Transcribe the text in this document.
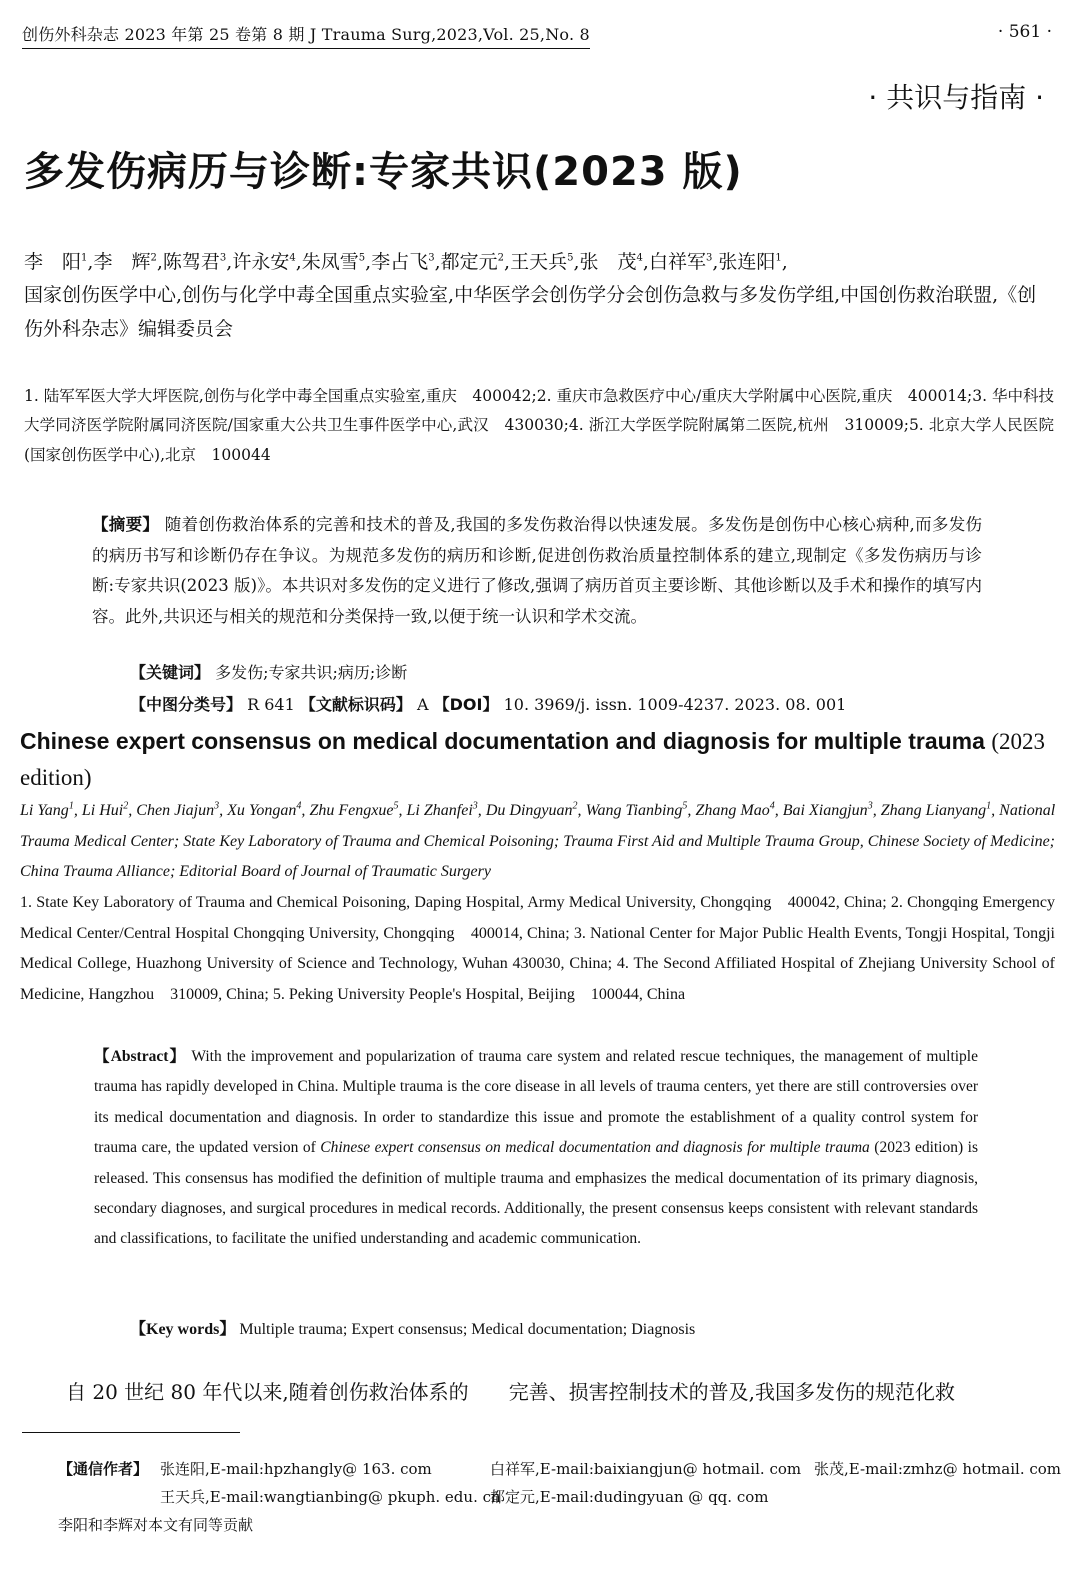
创伤外科杂志 2023 年第 25 卷第 8 期 J Trauma Surg,2023,Vol. 25,No. 8	· 561 ·
· 共识与指南 ·
多发伤病历与诊断:专家共识(2023 版)
李　阳$^1$,李　辉$^2$,陈驾君$^3$,许永安$^4$,朱凤雪$^5$,李占飞$^3$,都定元$^2$,王天兵$^5$,张　茂$^4$,白祥军$^3$,张连阳$^1$,
国家创伤医学中心,创伤与化学中毒全国重点实验室,中华医学会创伤学分会创伤急救与多发伤学组,中国创伤救治联盟,《创伤外科杂志》编辑委员会
1. 陆军军医大学大坪医院,创伤与化学中毒全国重点实验室,重庆　400042;2. 重庆市急救医疗中心/重庆大学附属中心医院,重庆　400014;3. 华中科技大学同济医学院附属同济医院/国家重大公共卫生事件医学中心,武汉　430030;4. 浙江大学医学院附属第二医院,杭州　310009;5. 北京大学人民医院(国家创伤医学中心),北京　100044
【摘要】 随着创伤救治体系的完善和技术的普及,我国的多发伤救治得以快速发展。多发伤是创伤中心核心病种,而多发伤的病历书写和诊断仍存在争议。为规范多发伤的病历和诊断,促进创伤救治质量控制体系的建立,现制定《多发伤病历与诊断:专家共识(2023 版)》。本共识对多发伤的定义进行了修改,强调了病历首页主要诊断、其他诊断以及手术和操作的填写内容。此外,共识还与相关的规范和分类保持一致,以便于统一认识和学术交流。
【关键词】 多发伤;专家共识;病历;诊断
【中图分类号】 R 641 【文献标识码】 A 【DOI】 10. 3969/j. issn. 1009-4237. 2023. 08. 001
Chinese expert consensus on medical documentation and diagnosis for multiple trauma (2023 edition)
Li Yang$^1$, Li Hui$^2$, Chen Jiajun$^3$, Xu Yongan$^4$, Zhu Fengxue$^5$, Li Zhanfei$^3$, Du Dingyuan$^2$, Wang Tianbing$^5$, Zhang Mao$^4$, Bai Xiangjun$^3$, Zhang Lianyang$^1$, National Trauma Medical Center; State Key Laboratory of Trauma and Chemical Poisoning; Trauma First Aid and Multiple Trauma Group, Chinese Society of Medicine; China Trauma Alliance; Editorial Board of Journal of Traumatic Surgery
1. State Key Laboratory of Trauma and Chemical Poisoning, Daping Hospital, Army Medical University, Chongqing　400042, China; 2. Chongqing Emergency Medical Center/Central Hospital Chongqing University, Chongqing　400014, China; 3. National Center for Major Public Health Events, Tongji Hospital, Tongji Medical College, Huazhong University of Science and Technology, Wuhan 430030, China; 4. The Second Affiliated Hospital of Zhejiang University School of Medicine, Hangzhou　310009, China; 5. Peking University People's Hospital, Beijing　100044, China
【Abstract】 With the improvement and popularization of trauma care system and related rescue techniques, the management of multiple trauma has rapidly developed in China. Multiple trauma is the core disease in all levels of trauma centers, yet there are still controversies over its medical documentation and diagnosis. In order to standardize this issue and promote the establishment of a quality control system for trauma care, the updated version of Chinese expert consensus on medical documentation and diagnosis for multiple trauma (2023 edition) is released. This consensus has modified the definition of multiple trauma and emphasizes the medical documentation of its primary diagnosis, secondary diagnoses, and surgical procedures in medical records. Additionally, the present consensus keeps consistent with relevant standards and classifications, to facilitate the unified understanding and academic communication.
【Key words】 Multiple trauma; Expert consensus; Medical documentation; Diagnosis
自 20 世纪 80 年代以来,随着创伤救治体系的 完善、损害控制技术的普及,我国多发伤的规范化救
【通信作者】 张连阳,E-mail:hpzhangly@ 163. com	白祥军,E-mail:baixiangjun@ hotmail. com 张茂,E-mail:zmhz@ hotmail. com
王天兵,E-mail:wangtianbing@ pkuph. edu. cn
都定元,E-mail:dudingyuan @ qq. com
李阳和李辉对本文有同等贡献
